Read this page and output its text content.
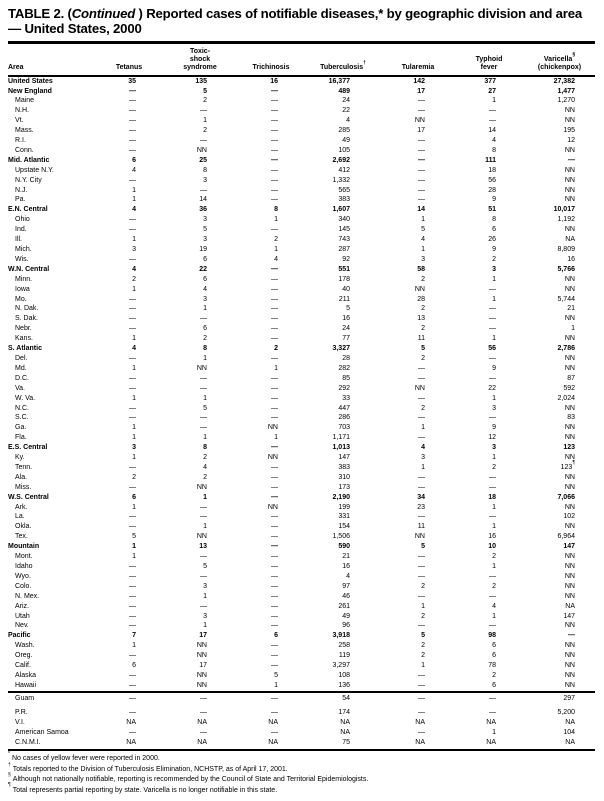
TABLE 2. (Continued ) Reported cases of notifiable diseases,* by geographic division and area — United States, 2000
Area	Tetanus	Toxic-
shock
syndrome	Trichinosis	Tuberculosis†	Tularemia	Typhoid
fever	Varicella§
(chickenpox)
United States	35	135	16	16,377	142	377	27,382
New England	—	5	—	489	17	27	1,477
Maine	—	2	—	24	—	1	1,270
N.H.	—	—	—	22	—	—	NN
Vt.	—	1	—	4	NN	—	NN
Mass.	—	2	—	285	17	14	195
R.I.	—	—	—	49	—	4	12
Conn.	—	NN	—	105	—	8	NN
Mid. Atlantic	6	25	—	2,692	—	111	—
Upstate N.Y.	4	8	—	412	—	18	NN
N.Y. City	—	3	—	1,332	—	56	NN
N.J.	1	—	—	565	—	28	NN
Pa.	1	14	—	383	—	9	NN
E.N. Central	4	36	8	1,607	14	51	10,017
Ohio	—	3	1	340	1	8	1,192
Ind.	—	5	—	145	5	6	NN
Ill.	1	3	2	743	4	26	NA
Mich.	3	19	1	287	1	9	8,809
Wis.	—	6	4	92	3	2	16
W.N. Central	4	22	—	551	58	3	5,766
Minn.	2	6	—	178	2	1	NN
Iowa	1	4	—	40	NN	—	NN
Mo.	—	3	—	211	28	1	5,744
N. Dak.	—	1	—	5	2	—	21
S. Dak.	—	—	—	16	13	—	NN
Nebr.	—	6	—	24	2	—	1
Kans.	1	2	—	77	11	1	NN
S. Atlantic	4	8	2	3,327	5	56	2,786
Del.	—	1	—	28	2	—	NN
Md.	1	NN	1	282	—	9	NN
D.C.	—	—	—	85	—	—	87
Va.	—	—	—	292	NN	22	592
W. Va.	1	1	—	33	—	1	2,024
N.C.	—	5	—	447	2	3	NN
S.C.	—	—	—	286	—	—	83
Ga.	1	—	NN	703	1	9	NN
Fla.	1	1	1	1,171	—	12	NN
E.S. Central	3	8	—	1,013	4	3	123
Ky.	1	2	NN	147	3	1	NN
Tenn.	—	4	—	383	1	2	123¶
Ala.	2	2	—	310	—	—	NN
Miss.	—	NN	—	173	—	—	NN
W.S. Central	6	1	—	2,190	34	18	7,066
Ark.	1	—	NN	199	23	1	NN
La.	—	—	—	331	—	—	102
Okla.	—	1	—	154	11	1	NN
Tex.	5	NN	—	1,506	NN	16	6,964
Mountain	1	13	—	590	5	10	147
Mont.	1	—	—	21	—	2	NN
Idaho	—	5	—	16	—	1	NN
Wyo.	—	—	—	4	—	—	NN
Colo.	—	3	—	97	2	2	NN
N. Mex.	—	1	—	46	—	—	NN
Ariz.	—	—	—	261	1	4	NA
Utah	—	3	—	49	2	1	147
Nev.	—	1	—	96	—	—	NN
Pacific	7	17	6	3,918	5	98	—
Wash.	1	NN	—	258	2	6	NN
Oreg.	—	NN	—	119	2	6	NN
Calif.	6	17	—	3,297	1	78	NN
Alaska	—	NN	5	108	—	2	NN
Hawaii	—	NN	1	136	—	6	NN
Guam	—	—	—	54	—	—	297
P.R.	—	—	—	174	—	—	5,200
V.I.	NA	NA	NA	NA	NA	NA	NA
American Samoa	—	—	—	NA	—	1	104
C.N.M.I.	NA	NA	NA	75	NA	NA	NA
*No cases of yellow fever were reported in 2000.
†Totals reported to the Division of Tuberculosis Elimination, NCHSTP, as of April 17, 2001.
§Although not nationally notifiable, reporting is recommended by the Council of State and Territorial Epidemiologists.
¶Total represents partial reporting by state. Varicella is no longer notifiable in this state.
